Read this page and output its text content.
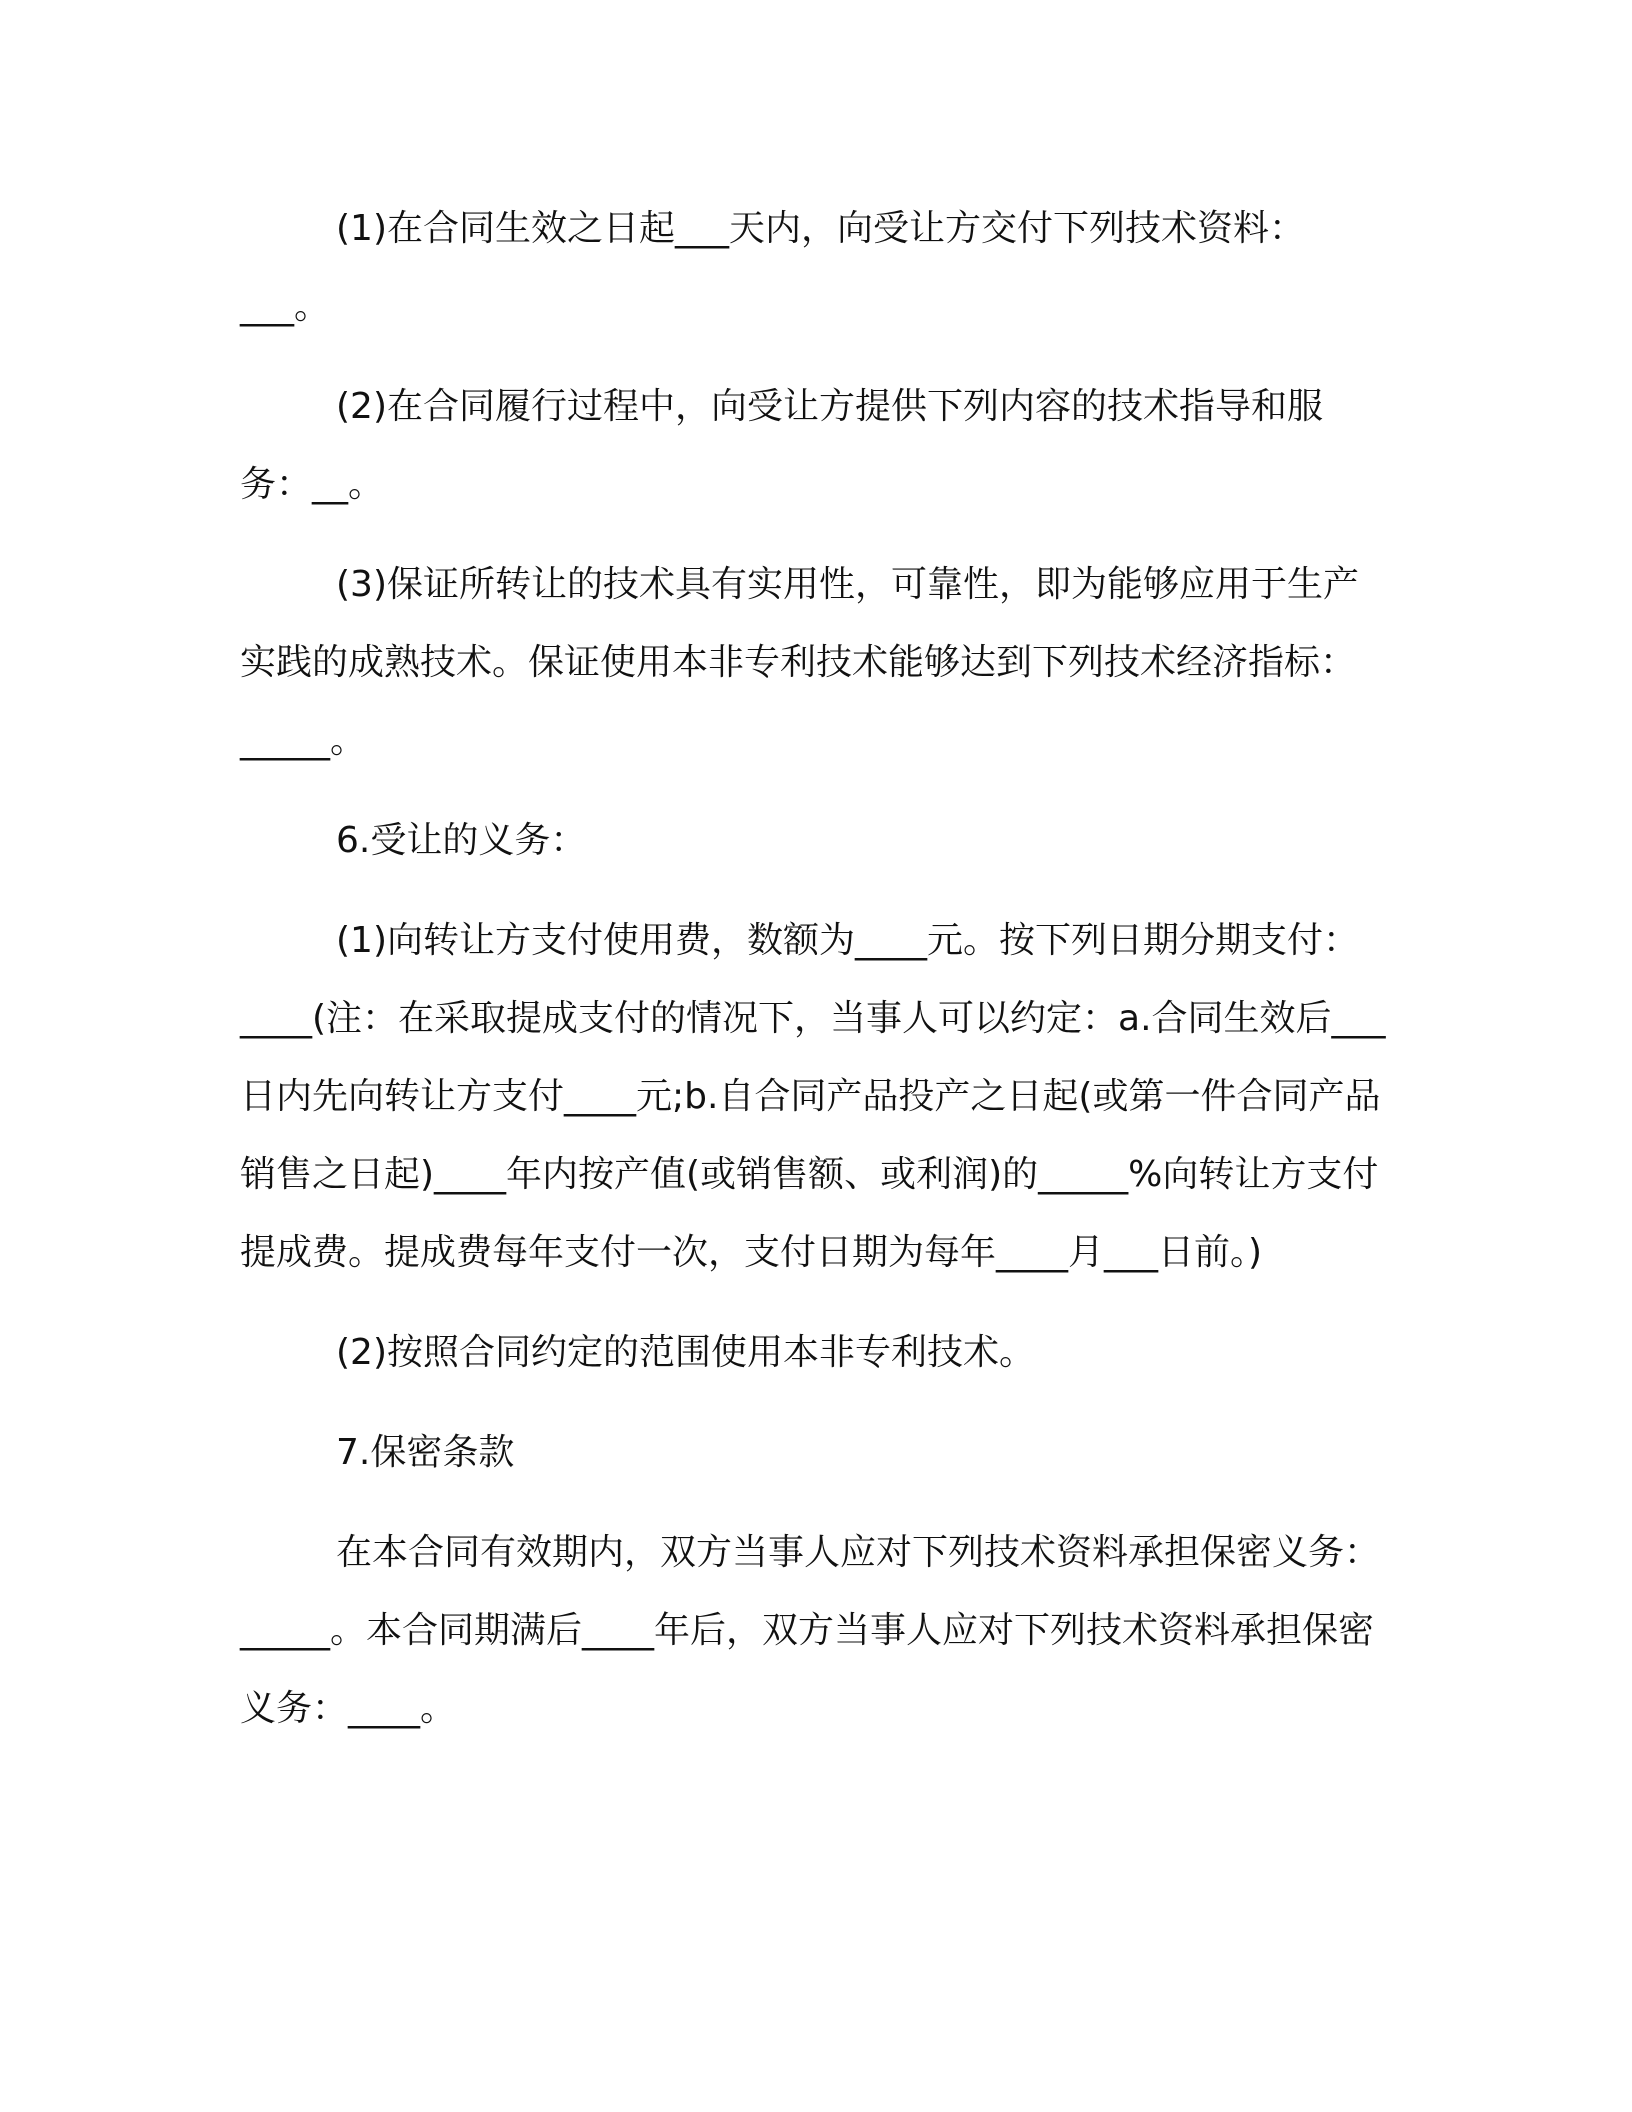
(1)在合同生效之日起___天内，向受让方交付下列技术资料：___。

(2)在合同履行过程中，向受让方提供下列内容的技术指导和服务：__。

(3)保证所转让的技术具有实用性，可靠性，即为能够应用于生产实践的成熟技术。保证使用本非专利技术能够达到下列技术经济指标：_____。

6.受让的义务：

(1)向转让方支付使用费，数额为____元。按下列日期分期支付：____(注：在采取提成支付的情况下，当事人可以约定：a.合同生效后___日内先向转让方支付____元;b.自合同产品投产之日起(或第一件合同产品销售之日起)____年内按产值(或销售额、或利润)的_____%向转让方支付提成费。提成费每年支付一次，支付日期为每年____月___日前。)

(2)按照合同约定的范围使用本非专利技术。

7.保密条款

在本合同有效期内，双方当事人应对下列技术资料承担保密义务：_____。本合同期满后____年后，双方当事人应对下列技术资料承担保密义务：____。
